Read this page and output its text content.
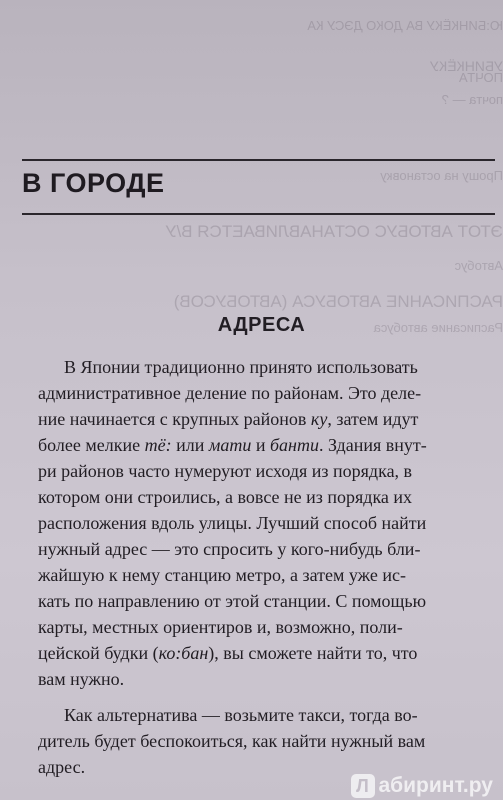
Ю:БИНКЁКУ ВА ДОКО ДЭСУ КА
УБИНКЁКУ
ПОЧТА
почта — ?
Прошу на остановку
ЭТОТ АВТОБУС ОСТАНАВЛИВАЕТСЯ В/У
Автобус
РАСПИСАНИЕ АВТОБУСА (АВТОБУСОВ)
Расписание автобуса
В ГОРОДЕ
АДРЕСА
В Японии традиционно принято использовать
административное деление по районам. Это деле-
ние начинается с крупных районов ку, затем идут
более мелкие тё: или мати и банти. Здания внут-
ри районов часто нумеруют исходя из порядка, в
котором они строились, а вовсе не из порядка их
расположения вдоль улицы. Лучший способ найти
нужный адрес — это спросить у кого-нибудь бли-
жайшую к нему станцию метро, а затем уже ис-
кать по направлению от этой станции. С помощью
карты, местных ориентиров и, возможно, поли-
цейской будки (ко:бан), вы сможете найти то, что
вам нужно.
Как альтернатива — возьмите такси, тогда во-
дитель будет беспокоиться, как найти нужный вам
адрес.
Л абиринт.ру
